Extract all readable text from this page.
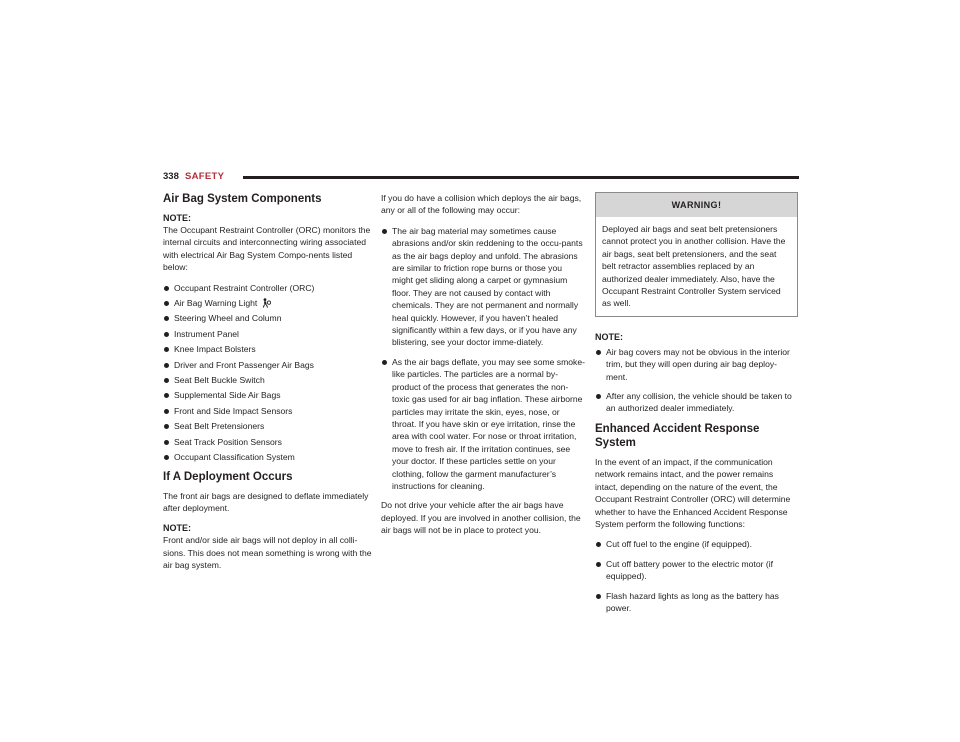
338 SAFETY
Air Bag System Components
NOTE:

The Occupant Restraint Controller (ORC) monitors the internal circuits and interconnecting wiring associated with electrical Air Bag System Compo-nents listed below:

Occupant Restraint Controller (ORC)
Air Bag Warning Light
Steering Wheel and Column
Instrument Panel
Knee Impact Bolsters
Driver and Front Passenger Air Bags
Seat Belt Buckle Switch
Supplemental Side Air Bags
Front and Side Impact Sensors
Seat Belt Pretensioners
Seat Track Position Sensors
Occupant Classification System
If A Deployment Occurs

The front air bags are designed to deflate immediately after deployment.

NOTE:

Front and/or side air bags will not deploy in all colli-sions. This does not mean something is wrong with the air bag system.

If you do have a collision which deploys the air bags, any or all of the following may occur:

The air bag material may sometimes cause abrasions and/or skin reddening to the occu-pants as the air bags deploy and unfold. The abrasions are similar to friction rope burns or those you might get sliding along a carpet or gymnasium floor. They are not caused by contact with chemicals. They are not permanent and normally heal quickly. However, if you haven’t healed significantly within a few days, or if you have any blistering, see your doctor imme-diately.
As the air bags deflate, you may see some smoke-like particles. The particles are a normal by-product of the process that generates the non-toxic gas used for air bag inflation. These airborne particles may irritate the skin, eyes, nose, or throat. If you have skin or eye irritation, rinse the area with cool water. For nose or throat irritation, move to fresh air. If the irritation continues, see your doctor. If these particles settle on your clothing, follow the garment manufacturer’s instructions for cleaning.

Do not drive your vehicle after the air bags have deployed. If you are involved in another collision, the air bags will not be in place to protect you.

WARNING!
Deployed air bags and seat belt pretensioners cannot protect you in another collision. Have the air bags, seat belt pretensioners, and the seat belt retractor assemblies replaced by an authorized dealer immediately. Also, have the Occupant Restraint Controller System serviced as well.
NOTE:
Air bag covers may not be obvious in the interior trim, but they will open during air bag deploy-ment.
After any collision, the vehicle should be taken to an authorized dealer immediately.
Enhanced Accident Response System

In the event of an impact, if the communication network remains intact, and the power remains intact, depending on the nature of the event, the Occupant Restraint Controller (ORC) will determine whether to have the Enhanced Accident Response System perform the following functions:

Cut off fuel to the engine (if equipped).
Cut off battery power to the electric motor (if equipped).
Flash hazard lights as long as the battery has power.
